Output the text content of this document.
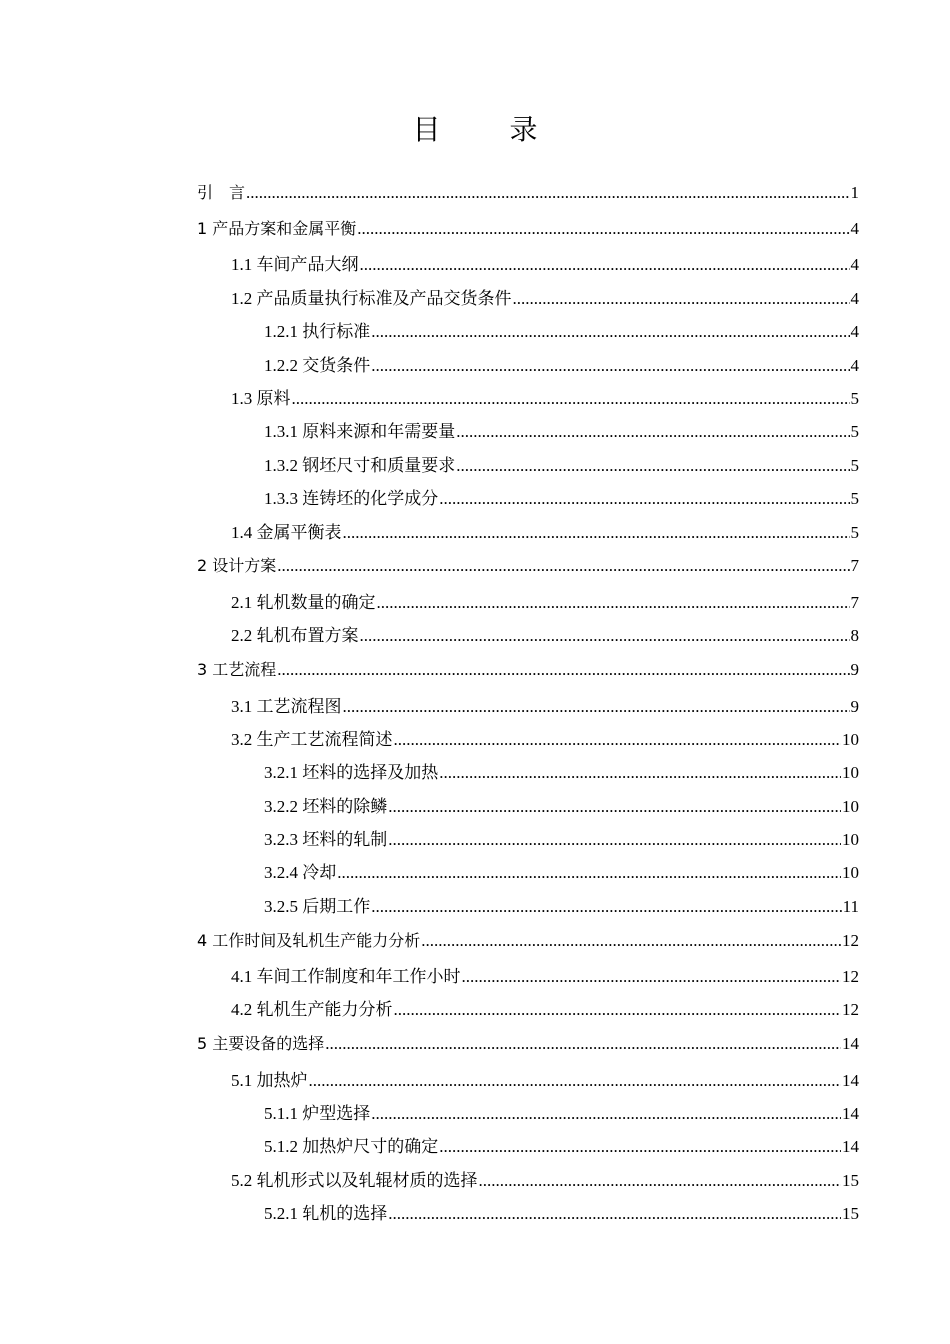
目 录
引　言 .....	1
1 产品方案和金属平衡 .....	4
1.1 车间产品大纲 .....	4
1.2 产品质量执行标准及产品交货条件 .....	4
1.2.1 执行标准 .....	4
1.2.2 交货条件 .....	4
1.3 原料 .....	5
1.3.1 原料来源和年需要量 .....	5
1.3.2 钢坯尺寸和质量要求 .....	5
1.3.3 连铸坯的化学成分 .....	5
1.4 金属平衡表 .....	5
2 设计方案 .....	7
2.1 轧机数量的确定 .....	7
2.2 轧机布置方案 .....	8
3 工艺流程 .....	9
3.1 工艺流程图 .....	9
3.2 生产工艺流程简述 .....	10
3.2.1 坯料的选择及加热 .....	10
3.2.2 坯料的除鳞 .....	10
3.2.3 坯料的轧制 .....	10
3.2.4 冷却 .....	10
3.2.5 后期工作 .....	11
4 工作时间及轧机生产能力分析 .....	12
4.1 车间工作制度和年工作小时 .....	12
4.2 轧机生产能力分析 .....	12
5 主要设备的选择 .....	14
5.1 加热炉 .....	14
5.1.1 炉型选择 .....	14
5.1.2 加热炉尺寸的确定 .....	14
5.2 轧机形式以及轧辊材质的选择 .....	15
5.2.1 轧机的选择 .....	15
